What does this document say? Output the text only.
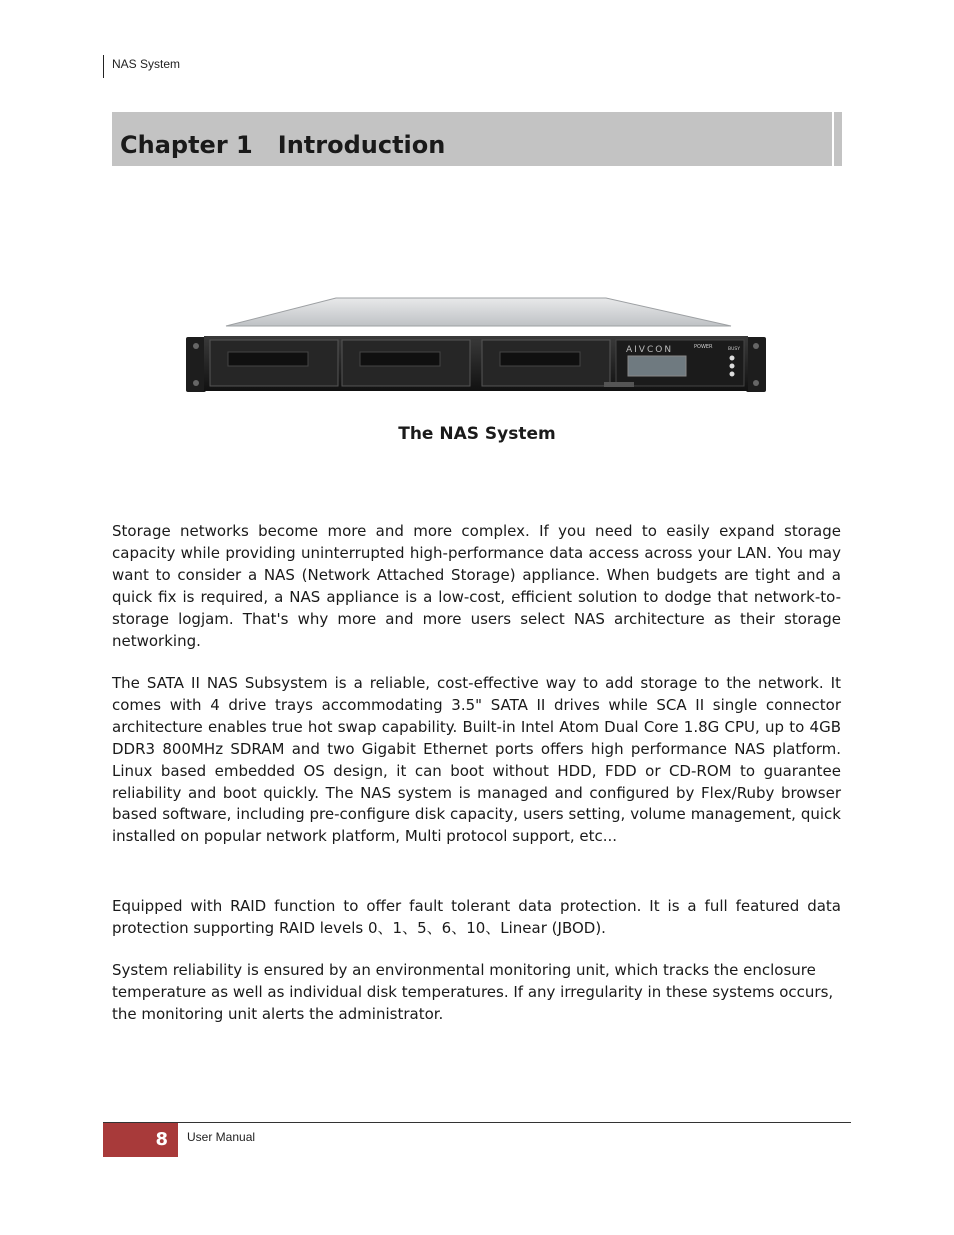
NAS System
Chapter 1   Introduction
AIVCON	POWER	BUSY
The NAS System

Storage networks become more and more complex. If you need to easily expand storage capacity while providing uninterrupted high-performance data access across your LAN. You may want to consider a NAS (Network Attached Storage) appliance. When budgets are tight and a quick fix is required, a NAS appliance is a low-cost, efficient solution to dodge that network-to-storage logjam. That's why more and more users select NAS architecture as their storage networking.

The SATA II NAS Subsystem is a reliable, cost-effective way to add storage to the network. It comes with 4 drive trays accommodating 3.5" SATA II drives while SCA II single connector architecture enables true hot swap capability. Built-in Intel Atom Dual Core 1.8G CPU, up to 4GB DDR3 800MHz SDRAM and two Gigabit Ethernet ports offers high performance NAS platform. Linux based embedded OS design, it can boot without HDD, FDD or CD-ROM to guarantee reliability and boot quickly. The NAS system is managed and configured by Flex/Ruby browser based software, including pre-configure disk capacity, users setting, volume management, quick installed on popular network platform, Multi protocol support, etc...

Equipped with RAID function to offer fault tolerant data protection. It is a full featured data protection supporting RAID levels 0、1、5、6、10、Linear (JBOD).

System reliability is ensured by an environmental monitoring unit, which tracks the enclosure temperature as well as individual disk temperatures. If any irregularity in these systems occurs, the monitoring unit alerts the administrator.

8 User Manual
